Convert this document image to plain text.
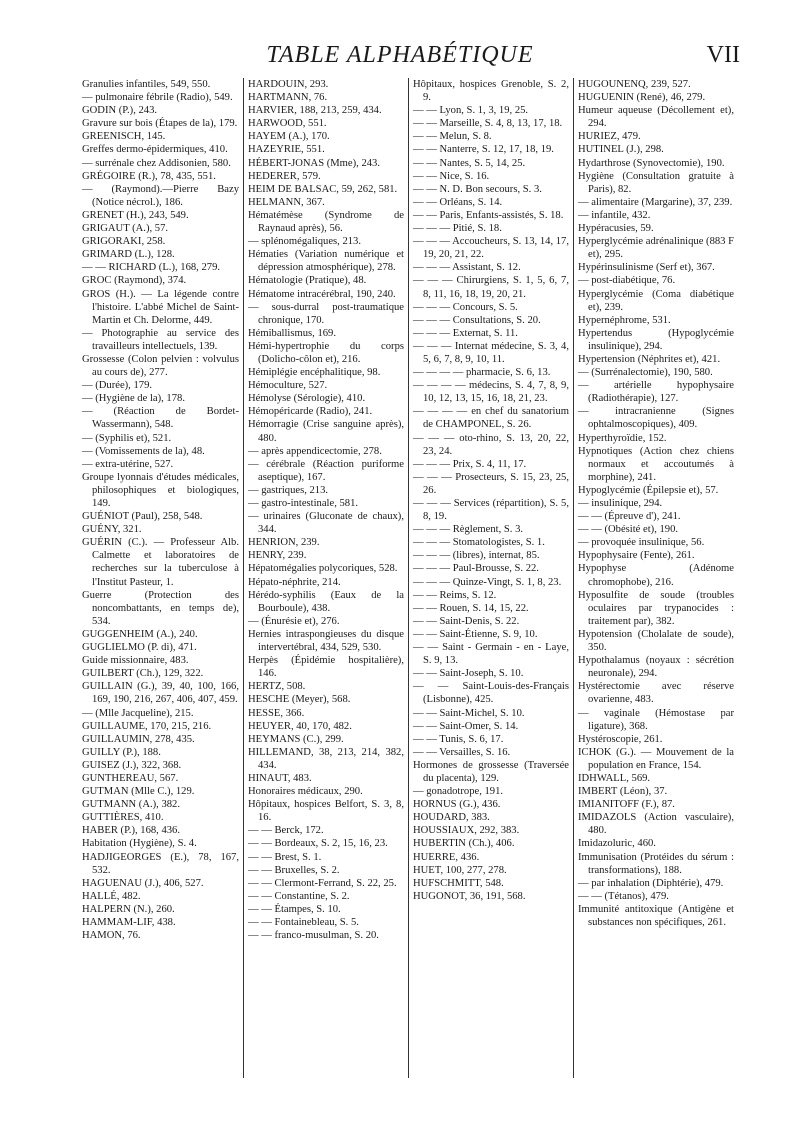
TABLE ALPHABÉTIQUE	VII

Granulies infantiles, 549, 550.

— pulmonaire fébrile (Radio), 549.

GODIN (P.), 243.

Gravure sur bois (Étapes de la), 179.

GREENISCH, 145.

Greffes dermo-épidermiques, 410.

— surrénale chez Addisonien, 580.

GRÉGOIRE (R.), 78, 435, 551.

— (Raymond).—Pierre Bazy (Notice nécrol.), 186.

GRENET (H.), 243, 549.

GRIGAUT (A.), 57.

GRIGORAKI, 258.

GRIMARD (L.), 128.

— — RICHARD (L.), 168, 279.

GROC (Raymond), 374.

GROS (H.). — La légende contre l'histoire. L'abbé Michel de Saint-Martin et Ch. Delorme, 449.

— Photographie au service des travailleurs intellectuels, 139.

Grossesse (Colon pelvien : volvulus au cours de), 277.

— (Durée), 179.

— (Hygiène de la), 178.

— (Réaction de Bordet-Wassermann), 548.

— (Syphilis et), 521.

— (Vomissements de la), 48.

— extra-utérine, 527.

Groupe lyonnais d'études médicales, philosophiques et biologiques, 149.

GUÉNIOT (Paul), 258, 548.

GUÉNY, 321.

GUÉRIN (C.). — Professeur Alb. Calmette et laboratoires de recherches sur la tuberculose à l'Institut Pasteur, 1.

Guerre (Protection des noncombattants, en temps de), 534.

GUGGENHEIM (A.), 240.

GUGLIELMO (P. di), 471.

Guide missionnaire, 483.

GUILBERT (Ch.), 129, 322.

GUILLAIN (G.), 39, 40, 100, 166, 169, 190, 216, 267, 406, 407, 459.

— (Mlle Jacqueline), 215.

GUILLAUME, 170, 215, 216.

GUILLAUMIN, 278, 435.

GUILLY (P.), 188.

GUISEZ (J.), 322, 368.

GUNTHEREAU, 567.

GUTMAN (Mlle C.), 129.

GUTMANN (A.), 382.

GUTTIÈRES, 410.

HABER (P.), 168, 436.

Habitation (Hygiène), S. 4.

HADJIGEORGES (E.), 78, 167, 532.

HAGUENAU (J.), 406, 527.

HALLÉ, 482.

HALPERN (N.), 260.

HAMMAM-LIF, 438.

HAMON, 76.

HARDOUIN, 293.

HARTMANN, 76.

HARVIER, 188, 213, 259, 434.

HARWOOD, 551.

HAYEM (A.), 170.

HAZEYRIE, 551.

HÉBERT-JONAS (Mme), 243.

HEDERER, 579.

HEIM DE BALSAC, 59, 262, 581.

HELMANN, 367.

Hématémèse (Syndrome de Raynaud après), 56.

— splénomégaliques, 213.

Hématies (Variation numérique et dépression atmosphérique), 278.

Hématologie (Pratique), 48.

Hématome intracérébral, 190, 240.

— sous-durral post-traumatique chronique, 170.

Hémiballismus, 169.

Hémi-hypertrophie du corps (Dolicho-côlon et), 216.

Hémiplégie encéphalitique, 98.

Hémoculture, 527.

Hémolyse (Sérologie), 410.

Hémopéricarde (Radio), 241.

Hémorragie (Crise sanguine après), 480.

— après appendicectomie, 278.

— cérébrale (Réaction puriforme aseptique), 167.

— gastriques, 213.

— gastro-intestinale, 581.

— urinaires (Gluconate de chaux), 344.

HENRION, 239.

HENRY, 239.

Hépatomégalies polycoriques, 528.

Hépato-néphrite, 214.

Hérédo-syphilis (Eaux de la Bourboule), 438.

— (Énurésie et), 276.

Hernies intraspongieuses du disque intervertébral, 434, 529, 530.

Herpès (Épidémie hospitalière), 146.

HERTZ, 508.

HESCHE (Meyer), 568.

HESSE, 366.

HEUYER, 40, 170, 482.

HEYMANS (C.), 299.

HILLEMAND, 38, 213, 214, 382, 434.

HINAUT, 483.

Honoraires médicaux, 290.

Hôpitaux, hospices Belfort, S. 3, 8, 16.

— — Berck, 172.

— — Bordeaux, S. 2, 15, 16, 23.

— — Brest, S. 1.

— — Bruxelles, S. 2.

— — Clermont-Ferrand, S. 22, 25.

— — Constantine, S. 2.

— — Étampes, S. 10.

— — Fontainebleau, S. 5.

— — franco-musulman, S. 20.

Hôpitaux, hospices Grenoble, S. 2, 9.

— — Lyon, S. 1, 3, 19, 25.

— — Marseille, S. 4, 8, 13, 17, 18.

— — Melun, S. 8.

— — Nanterre, S. 12, 17, 18, 19.

— — Nantes, S. 5, 14, 25.

— — Nice, S. 16.

— — N. D. Bon secours, S. 3.

— — Orléans, S. 14.

— — Paris, Enfants-assistés, S. 18.

— — — Pitié, S. 18.

— — — Accoucheurs, S. 13, 14, 17, 19, 20, 21, 22.

— — — Assistant, S. 12.

— — — Chirurgiens, S. 1, 5, 6, 7, 8, 11, 16, 18, 19, 20, 21.

— — — Concours, S. 5.

— — — Consultations, S. 20.

— — — Externat, S. 11.

— — — Internat médecine, S. 3, 4, 5, 6, 7, 8, 9, 10, 11.

— — — — pharmacie, S. 6, 13.

— — — — médecins, S. 4, 7, 8, 9, 10, 12, 13, 15, 16, 18, 21, 23.

— — — — en chef du sanatorium de CHAMPONEL, S. 26.

— — — oto-rhino, S. 13, 20, 22, 23, 24.

— — — Prix, S. 4, 11, 17.

— — — Prosecteurs, S. 15, 23, 25, 26.

— — — Services (répartition), S. 5, 8, 19.

— — — Règlement, S. 3.

— — — Stomatologistes, S. 1.

— — — (libres), internat, 85.

— — — Paul-Brousse, S. 22.

— — — Quinze-Vingt, S. 1, 8, 23.

— — Reims, S. 12.

— — Rouen, S. 14, 15, 22.

— — Saint-Denis, S. 22.

— — Saint-Étienne, S. 9, 10.

— — Saint - Germain - en - Laye, S. 9, 13.

— — Saint-Joseph, S. 10.

— — Saint-Louis-des-Français (Lisbonne), 425.

— — Saint-Michel, S. 10.

— — Saint-Omer, S. 14.

— — Tunis, S. 6, 17.

— — Versailles, S. 16.

Hormones de grossesse (Traversée du placenta), 129.

— gonadotrope, 191.

HORNUS (G.), 436.

HOUDARD, 383.

HOUSSIAUX, 292, 383.

HUBERTIN (Ch.), 406.

HUERRE, 436.

HUET, 100, 277, 278.

HUFSCHMITT, 548.

HUGONOT, 36, 191, 568.

HUGOUNENQ, 239, 527.

HUGUENIN (René), 46, 279.

Humeur aqueuse (Décollement et), 294.

HURIEZ, 479.

HUTINEL (J.), 298.

Hydarthrose (Synovectomie), 190.

Hygiène (Consultation gratuite à Paris), 82.

— alimentaire (Margarine), 37, 239.

— infantile, 432.

Hypéracusies, 59.

Hyperglycémie adrénalinique (883 F et), 295.

Hypérinsulinisme (Serf et), 367.

— post-diabétique, 76.

Hyperglycémie (Coma diabétique et), 239.

Hypernéphrome, 531.

Hypertendus (Hypoglycémie insulinique), 294.

Hypertension (Néphrites et), 421.

— (Surrénalectomie), 190, 580.

— artérielle hypophysaire (Radiothérapie), 127.

— intracranienne (Signes ophtalmoscopiques), 409.

Hyperthyroïdie, 152.

Hypnotiques (Action chez chiens normaux et accoutumés à morphine), 241.

Hypoglycémie (Épilepsie et), 57.

— insulinique, 294.

— — (Épreuve d'), 241.

— — (Obésité et), 190.

— provoquée insulinique, 56.

Hypophysaire (Fente), 261.

Hypophyse (Adénome chromophobe), 216.

Hyposulfite de soude (troubles oculaires par trypanocides : traitement par), 382.

Hypotension (Cholalate de soude), 350.

Hypothalamus (noyaux : sécrétion neuronale), 294.

Hystérectomie avec réserve ovarienne, 483.

— vaginale (Hémostase par ligature), 368.

Hystéroscopie, 261.

ICHOK (G.). — Mouvement de la population en France, 154.

IDHWALL, 569.

IMBERT (Léon), 37.

IMIANITOFF (F.), 87.

IMIDAZOLS (Action vasculaire), 480.

Imidazoluric, 460.

Immunisation (Protéides du sérum : transformations), 188.

— par inhalation (Diphtérie), 479.

— — (Tétanos), 479.

Immunité antitoxique (Antigène et substances non spécifiques, 261.
